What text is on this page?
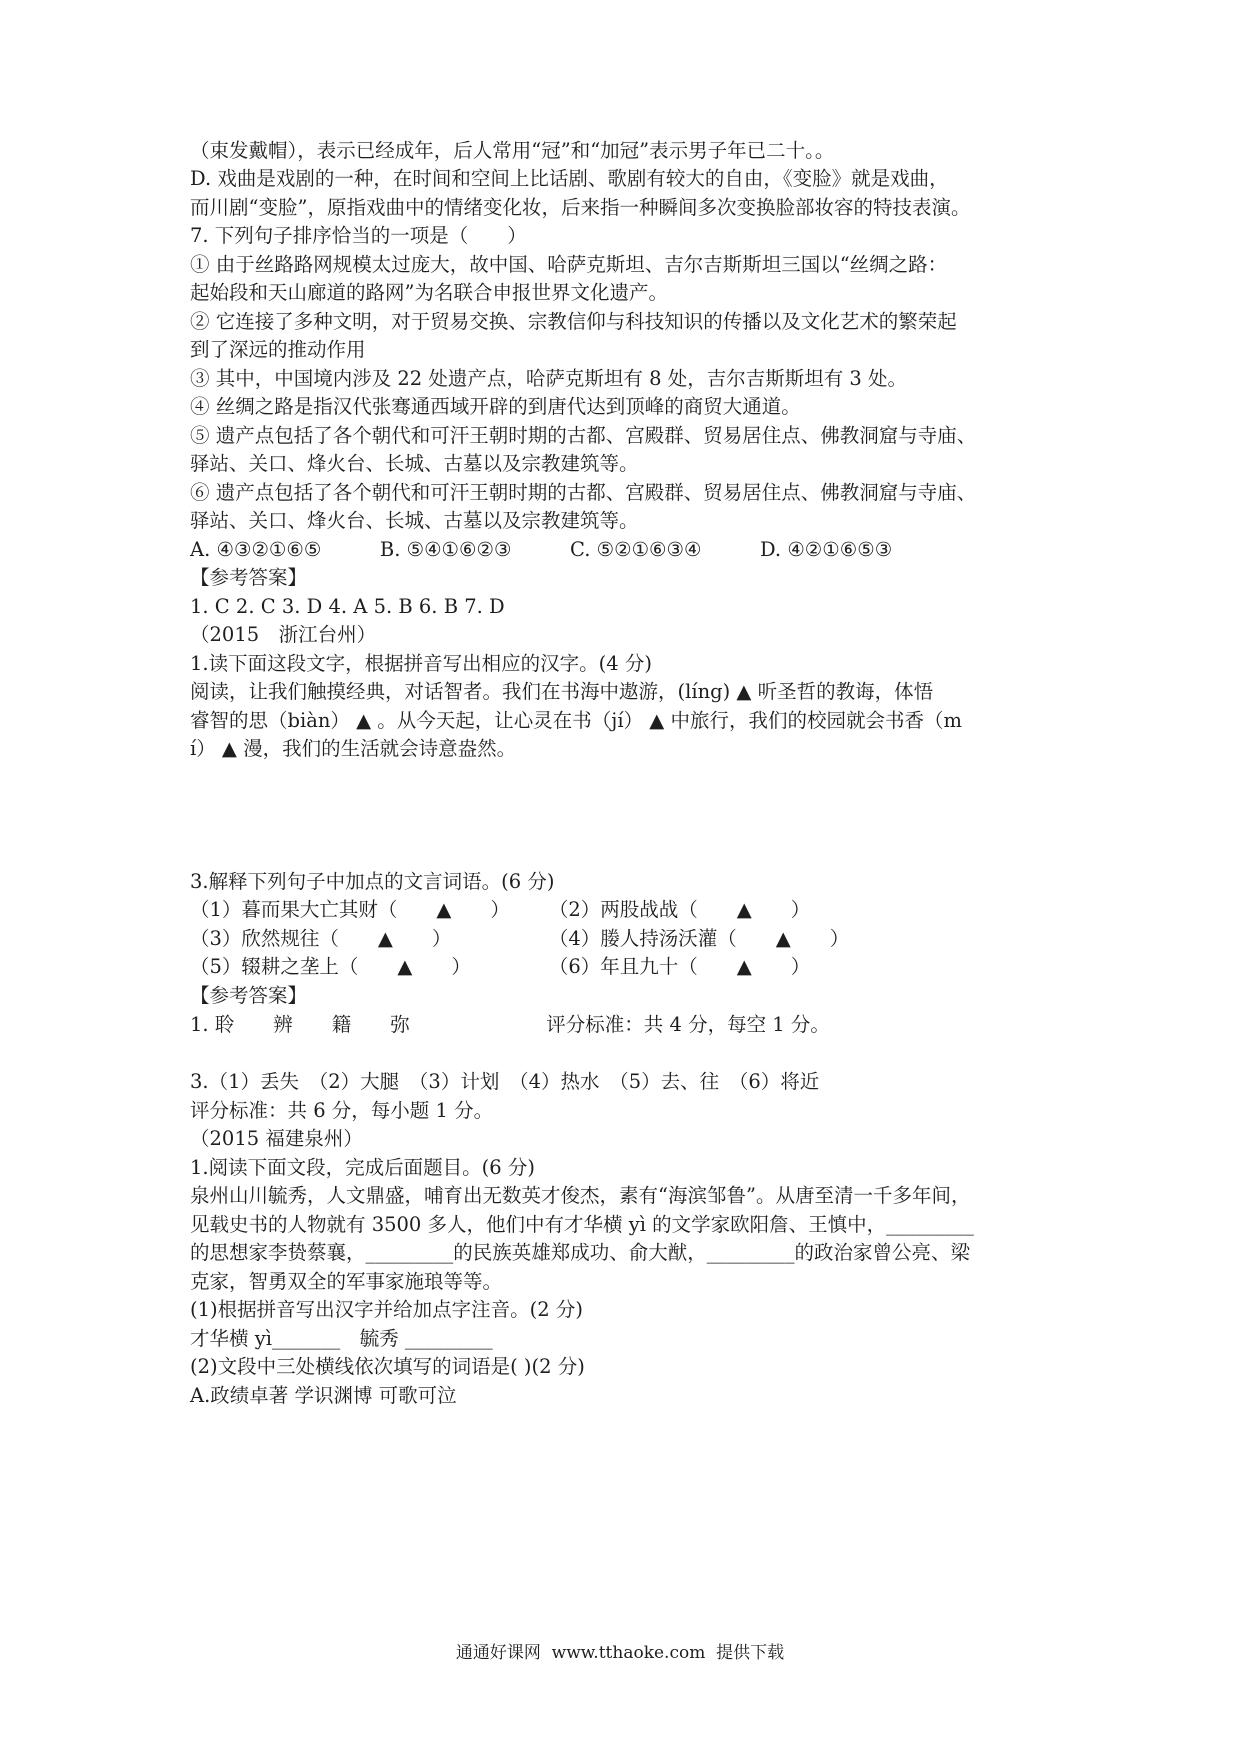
（束发戴帽），表示已经成年，后人常用“冠”和“加冠”表示男子年已二十。。
D. 戏曲是戏剧的一种，在时间和空间上比话剧、歌剧有较大的自由，《变脸》就是戏曲，
而川剧“变脸”，原指戏曲中的情绪变化妆，后来指一种瞬间多次变换脸部妆容的特技表演。
7. 下列句子排序恰当的一项是（　　）
① 由于丝路路网规模太过庞大，故中国、哈萨克斯坦、吉尔吉斯斯坦三国以“丝绸之路：
起始段和天山廊道的路网”为名联合申报世界文化遗产。
② 它连接了多种文明，对于贸易交换、宗教信仰与科技知识的传播以及文化艺术的繁荣起
到了深远的推动作用
③ 其中，中国境内涉及 22 处遗产点，哈萨克斯坦有 8 处，吉尔吉斯斯坦有 3 处。
④ 丝绸之路是指汉代张骞通西域开辟的到唐代达到顶峰的商贸大通道。
⑤ 遗产点包括了各个朝代和可汗王朝时期的古都、宫殿群、贸易居住点、佛教洞窟与寺庙、
驿站、关口、烽火台、长城、古墓以及宗教建筑等。
⑥ 遗产点包括了各个朝代和可汗王朝时期的古都、宫殿群、贸易居住点、佛教洞窟与寺庙、
驿站、关口、烽火台、长城、古墓以及宗教建筑等。
A. ④③②①⑥⑤　　　B. ⑤④①⑥②③　　　C. ⑤②①⑥③④　　　D. ④②①⑥⑤③
【参考答案】
1. C 2. C 3. D 4. A 5. B 6. B 7. D
（2015　浙江台州）
1.读下面这段文字，根据拼音写出相应的汉字。(4 分)
阅读，让我们触摸经典，对话智者。我们在书海中遨游，(líng) ▲ 听圣哲的教诲，体悟
睿智的思（biàn） ▲ 。从今天起，让心灵在书（jí） ▲ 中旅行，我们的校园就会书香（m
í） ▲ 漫，我们的生活就会诗意盎然。
3.解释下列句子中加点的文言词语。(6 分)
（1）暮而果大亡其财（　　▲　　）　　　（2）两股战战（　　▲　　）
（3）欣然规往（　　▲　　）　　　　　　（4）媵人持汤沃灌（　　▲　　）
（5）辍耕之垄上（　　▲　　）　　　　　（6）年且九十（　　▲　　）
【参考答案】
1. 聆　　辨　　籍　　弥　　　　　　　评分标准：共 4 分，每空 1 分。
3.（1）丢失　（2）大腿　（3）计划　（4）热水　（5）去、往　（6）将近
评分标准：共 6 分，每小题 1 分。
（2015 福建泉州）
1.阅读下面文段，完成后面题目。(6 分)
泉州山川毓秀，人文鼎盛，哺育出无数英才俊杰，素有“海滨邹鲁”。从唐至清一千多年间，
见载史书的人物就有 3500 多人，他们中有才华横 yì 的文学家欧阳詹、王慎中，_________
的思想家李贽蔡襄，_________的民族英雄郑成功、俞大猷，_________的政治家曾公亮、梁
克家，智勇双全的军事家施琅等等。
(1)根据拼音写出汉字并给加点字注音。(2 分)
才华横 yì_______　毓秀 _________
(2)文段中三处横线依次填写的词语是( )(2 分)
A.政绩卓著 学识渊博 可歌可泣
通通好课网  www.tthaoke.com  提供下载
